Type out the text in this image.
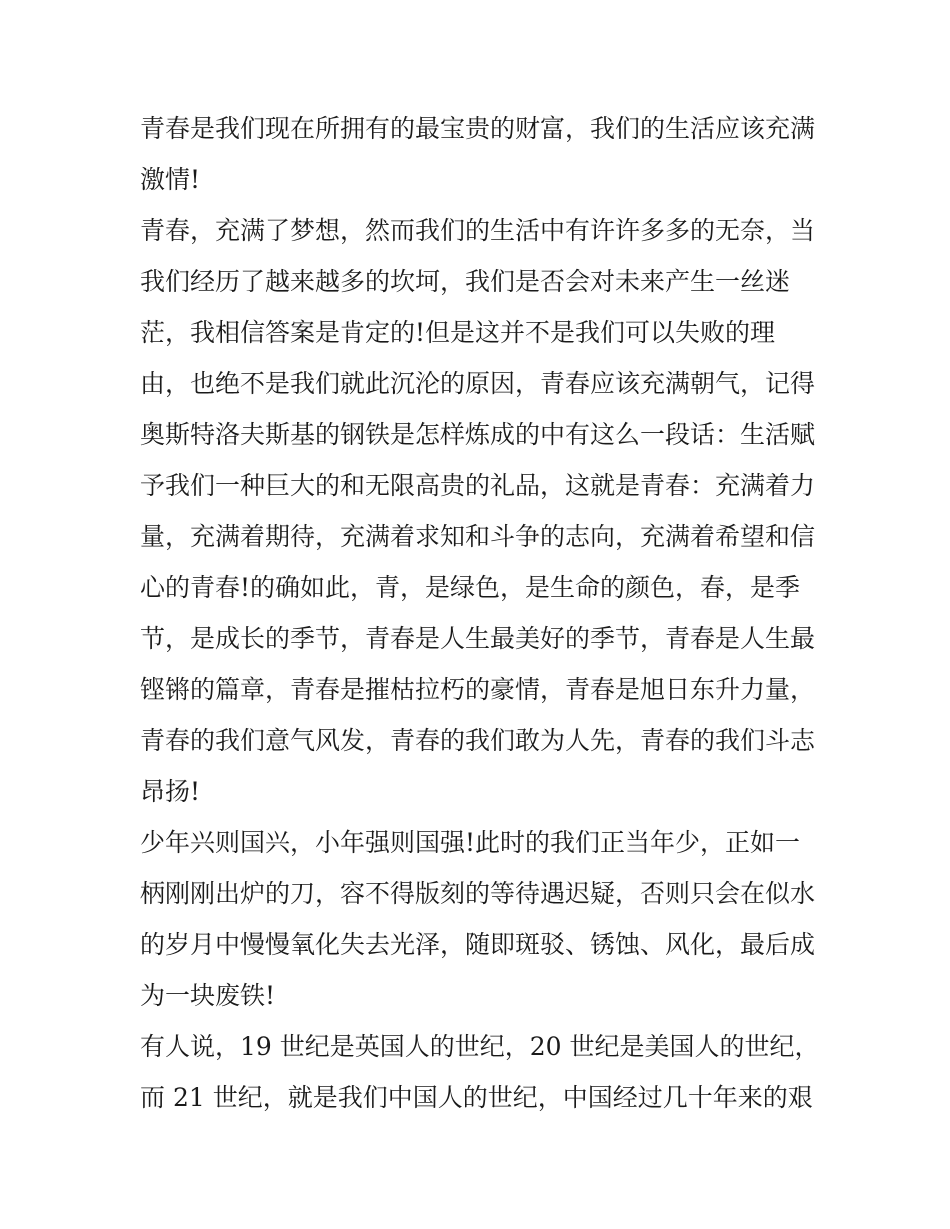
青春是我们现在所拥有的最宝贵的财富，我们的生活应该充满
激情!
青春，充满了梦想，然而我们的生活中有许许多多的无奈，当
我们经历了越来越多的坎坷，我们是否会对未来产生一丝迷
茫，我相信答案是肯定的!但是这并不是我们可以失败的理
由，也绝不是我们就此沉沦的原因，青春应该充满朝气，记得
奥斯特洛夫斯基的钢铁是怎样炼成的中有这么一段话：生活赋
予我们一种巨大的和无限高贵的礼品，这就是青春：充满着力
量，充满着期待，充满着求知和斗争的志向，充满着希望和信
心的青春!的确如此，青，是绿色，是生命的颜色，春，是季
节，是成长的季节，青春是人生最美好的季节，青春是人生最
铿锵的篇章，青春是摧枯拉朽的豪情，青春是旭日东升力量，
青春的我们意气风发，青春的我们敢为人先，青春的我们斗志
昂扬!
少年兴则国兴，小年强则国强!此时的我们正当年少，正如一
柄刚刚出炉的刀，容不得版刻的等待遇迟疑，否则只会在似水
的岁月中慢慢氧化失去光泽，随即斑驳、锈蚀、风化，最后成
为一块废铁!
有人说，19 世纪是英国人的世纪，20 世纪是美国人的世纪，
而 21 世纪，就是我们中国人的世纪，中国经过几十年来的艰
